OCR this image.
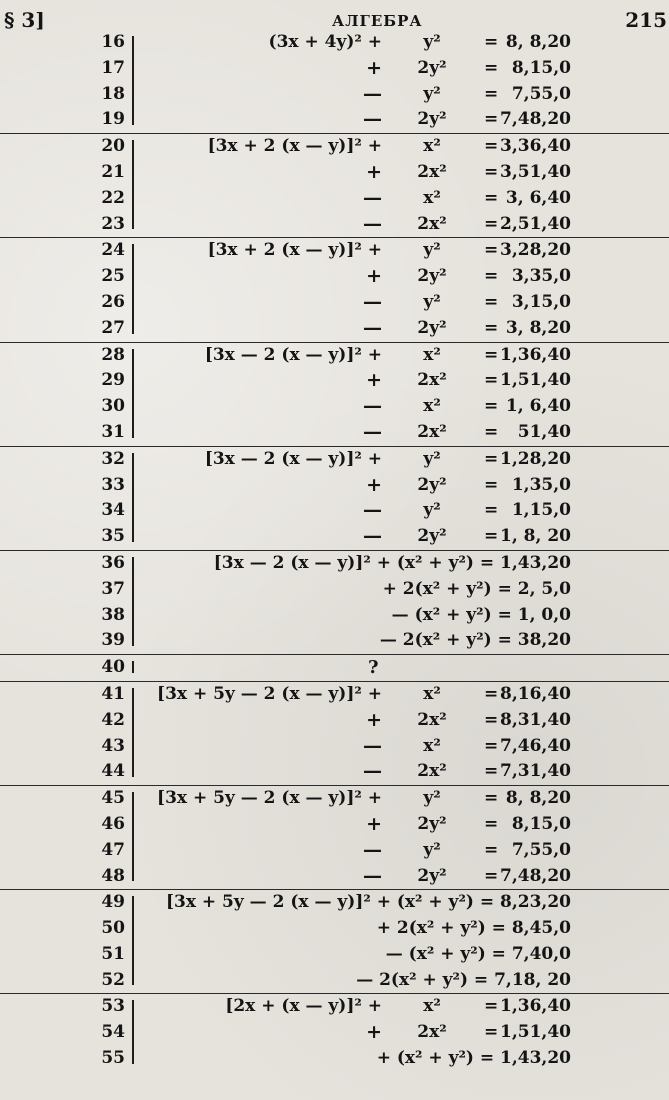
§ 3]	АЛГЕБРА	215
16	(3x + 4y)² +	y²	= 8, 8,20
17	+	2y²	= 8,15,0
18	—	y²	= 7,55,0
19	—	2y²	= 7,48,20
20	[3x + 2 (x — y)]² +	x²	= 3,36,40
21	+	2x²	= 3,51,40
22	—	x²	= 3, 6,40
23	—	2x²	= 2,51,40
24	[3x + 2 (x — y)]² +	y²	= 3,28,20
25	+	2y²	= 3,35,0
26	—	y²	= 3,15,0
27	—	2y²	= 3, 8,20
28	[3x — 2 (x — y)]² +	x²	= 1,36,40
29	+	2x²	= 1,51,40
30	—	x²	= 1, 6,40
31	—	2x²	= 51,40
32	[3x — 2 (x — y)]² +	y²	= 1,28,20
33	+	2y²	= 1,35,0
34	—	y²	= 1,15,0
35	—	2y²	= 1, 8, 20
36	[3x — 2 (x — y)]² + (x² + y²) = 1,43,20
37	+ 2(x² + y²) = 2, 5,0
38	— (x² + y²) = 1, 0,0
39	— 2(x² + y²) = 38,20
40	?
41 [3x + 5y — 2 (x — y)]² +	x²	= 8,16,40
42	+	2x²	= 8,31,40
43	—	x²	= 7,46,40
44	—	2x²	= 7,31,40
45 [3x + 5y — 2 (x — y)]² +	y²	= 8, 8,20
46	+	2y²	= 8,15,0
47	—	y²	= 7,55,0
48	—	2y²	= 7,48,20
49 [3x + 5y — 2 (x — y)]² + (x² + y²) = 8,23,20
50	+ 2(x² + y²) = 8,45,0
51	— (x² + y²) = 7,40,0
52	— 2(x² + y²) = 7,18, 20
53	[2x + (x — y)]² +	x²	= 1,36,40
54	+	2x²	= 1,51,40
55	+ (x² + y²) = 1,43,20
